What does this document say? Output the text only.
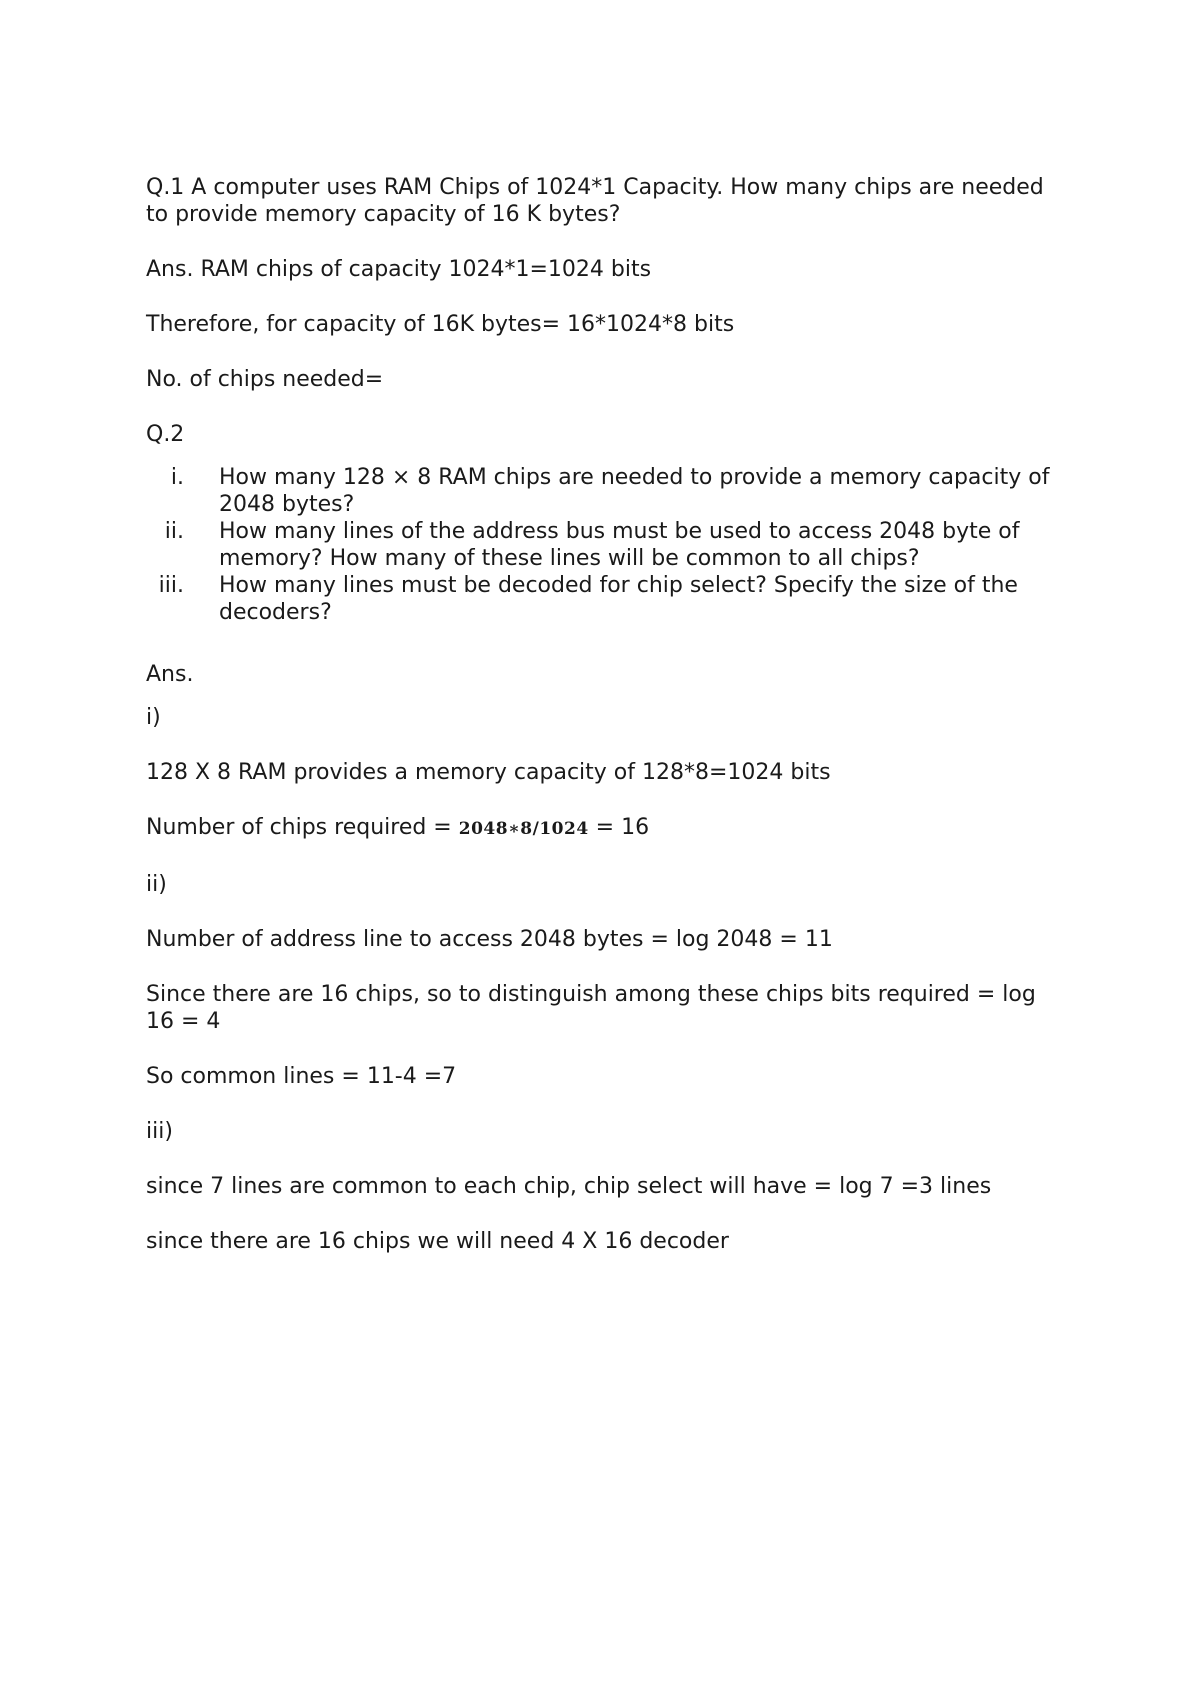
Q.1 A computer uses RAM Chips of 1024*1 Capacity. How many chips are needed to provide memory capacity of 16 K bytes?

Ans. RAM chips of capacity 1024*1=1024 bits

Therefore, for capacity of 16K bytes= 16*1024*8 bits

No. of chips needed=

Q.2

i. How many 128 × 8 RAM chips are needed to provide a memory capacity of 2048 bytes?
ii. How many lines of the address bus must be used to access 2048 byte of memory? How many of these lines will be common to all chips?
iii. How many lines must be decoded for chip select? Specify the size of the decoders?

Ans.

i)

128 X 8 RAM provides a memory capacity of 128*8=1024 bits

Number of chips required = 2048∗8/1024 = 16

ii)

Number of address line to access 2048 bytes = log 2048 = 11

Since there are 16 chips, so to distinguish among these chips bits required = log 16 = 4

So common lines = 11-4 =7

iii)

since 7 lines are common to each chip, chip select will have = log 7 =3 lines

since there are 16 chips we will need 4 X 16 decoder
